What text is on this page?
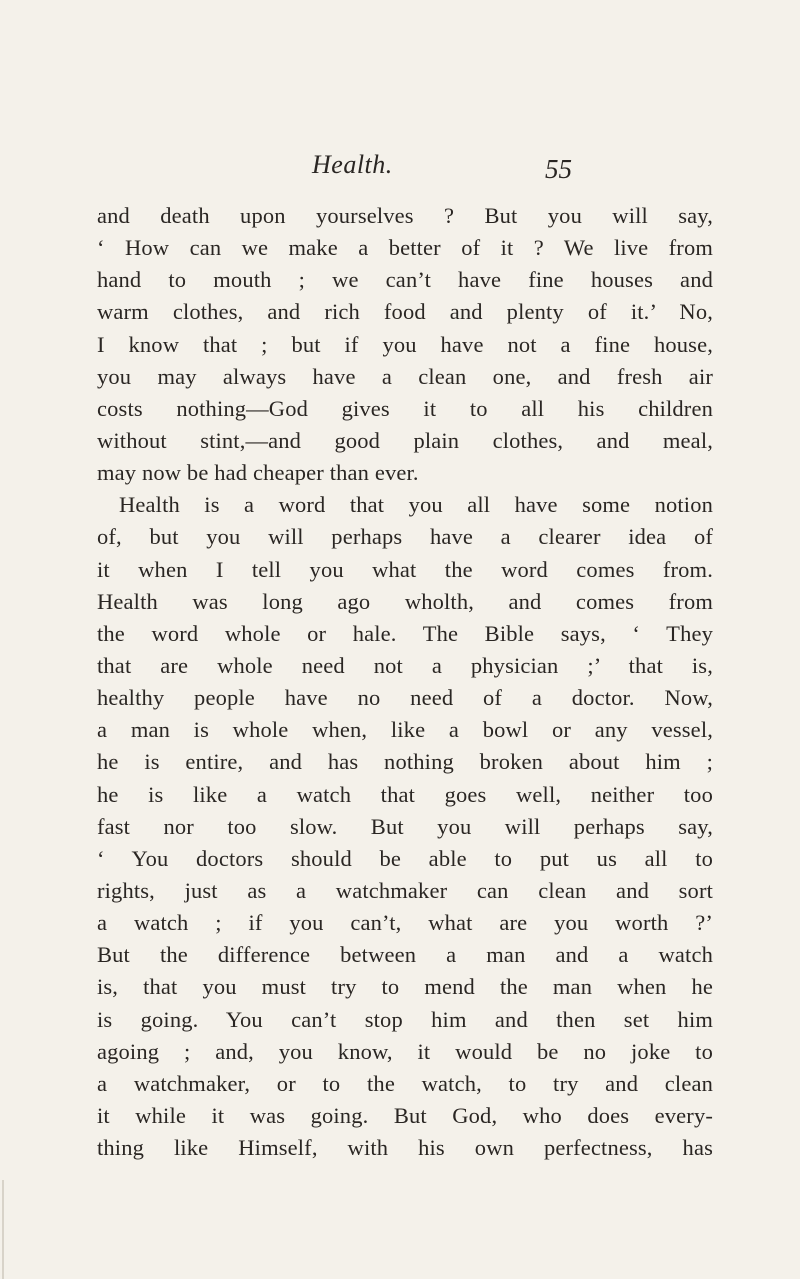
Health.	55
and death upon yourselves ? But you will say,
‘ How can we make a better of it ? We live from
hand to mouth ; we can’t have fine houses and
warm clothes, and rich food and plenty of it.’ No,
I know that ; but if you have not a fine house,
you may always have a clean one, and fresh air
costs nothing—God gives it to all his children
without stint,—and good plain clothes, and meal,
may now be had cheaper than ever.
Health is a word that you all have some notion
of, but you will perhaps have a clearer idea of
it when I tell you what the word comes from.
Health was long ago wholth, and comes from
the word whole or hale. The Bible says, ‘ They
that are whole need not a physician ;’ that is,
healthy people have no need of a doctor. Now,
a man is whole when, like a bowl or any vessel,
he is entire, and has nothing broken about him ;
he is like a watch that goes well, neither too
fast nor too slow. But you will perhaps say,
‘ You doctors should be able to put us all to
rights, just as a watchmaker can clean and sort
a watch ; if you can’t, what are you worth ?’
But the difference between a man and a watch
is, that you must try to mend the man when he
is going. You can’t stop him and then set him
agoing ; and, you know, it would be no joke to
a watchmaker, or to the watch, to try and clean
it while it was going. But God, who does every-
thing like Himself, with his own perfectness, has
